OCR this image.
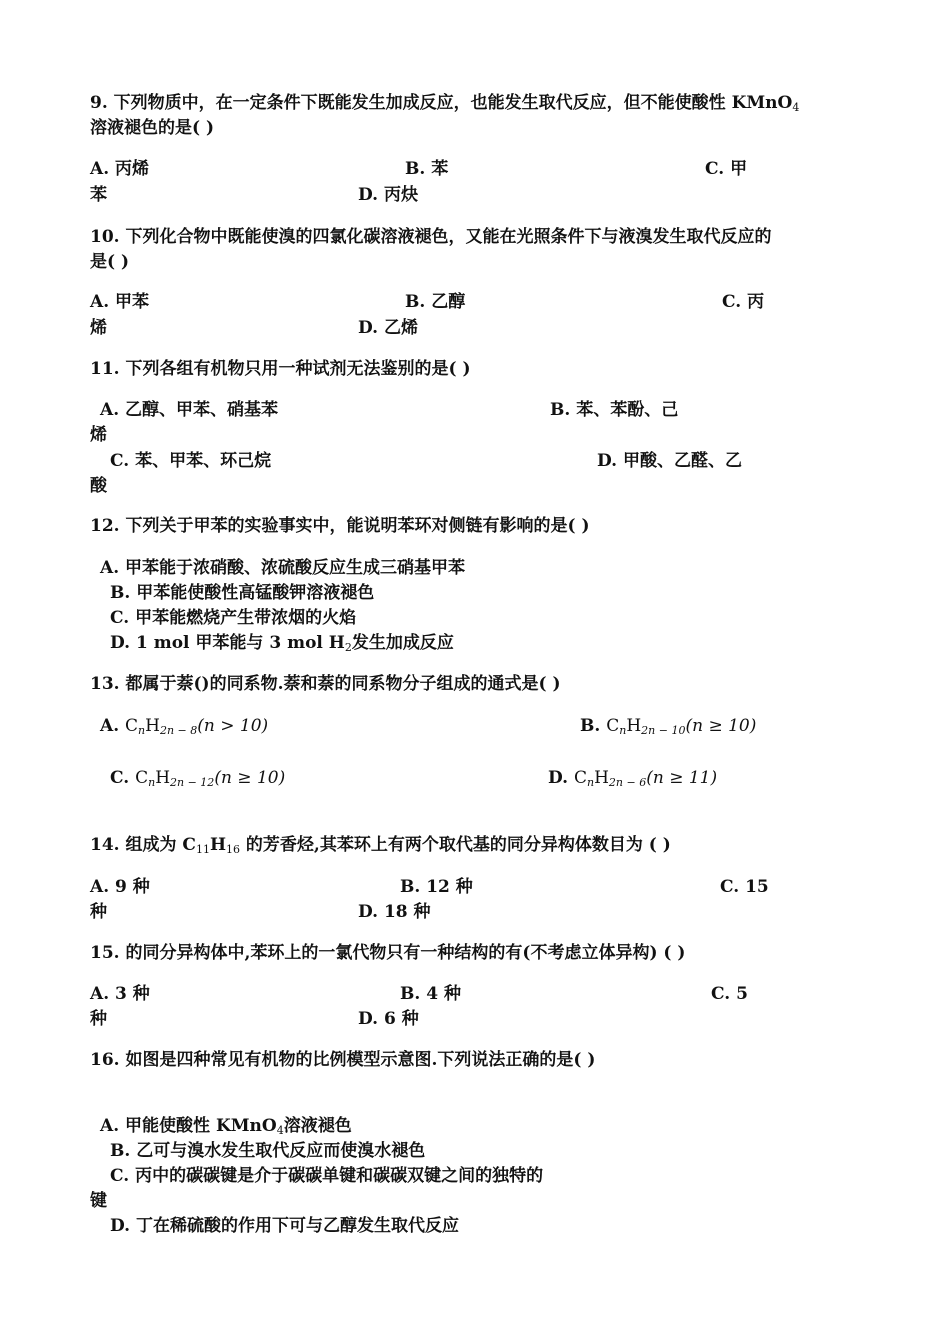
9. 下列物质中，在一定条件下既能发生加成反应，也能发生取代反应，但不能使酸性 KMnO$_4$
溶液褪色的是( )
A. 丙烯	B. 苯	C. 甲
苯	D. 丙炔
10. 下列化合物中既能使溴的四氯化碳溶液褪色，又能在光照条件下与液溴发生取代反应的
是( )
A. 甲苯	B. 乙醇	C. 丙
烯	D. 乙烯
11. 下列各组有机物只用一种试剂无法鉴别的是( )
A. 乙醇、甲苯、硝基苯	B. 苯、苯酚、己
烯
C. 苯、甲苯、环己烷	D. 甲酸、乙醛、乙
酸
12. 下列关于甲苯的实验事实中，能说明苯环对侧链有影响的是( )
A. 甲苯能于浓硝酸、浓硫酸反应生成三硝基甲苯
B. 甲苯能使酸性高锰酸钾溶液褪色
C. 甲苯能燃烧产生带浓烟的火焰
D. 1 mol 甲苯能与 3 mol $H_2$发生加成反应
13. 都属于萘()的同系物.萘和萘的同系物分子组成的通式是( )
A. $C_nH_{2n - 8}(n > 10)$	B. $C_nH_{2n - 10}(n \ge 10)$
C. $C_nH_{2n - 12}(n \ge 10)$	D. $C_nH_{2n - 6}(n \ge 11)$
14. 组成为 $C_{11}H_{16}$ 的芳香烃,其苯环上有两个取代基的同分异构体数目为 ( )
A. 9 种	B. 12 种	C. 15
种	D. 18 种
15. 的同分异构体中,苯环上的一氯代物只有一种结构的有(不考虑立体异构) ( )
A. 3 种	B. 4 种	C. 5
种	D. 6 种
16. 如图是四种常见有机物的比例模型示意图.下列说法正确的是( )
A. 甲能使酸性 KMnO$_4$溶液褪色
B. 乙可与溴水发生取代反应而使溴水褪色
C. 丙中的碳碳键是介于碳碳单键和碳碳双键之间的独特的
键
D. 丁在稀硫酸的作用下可与乙醇发生取代反应
